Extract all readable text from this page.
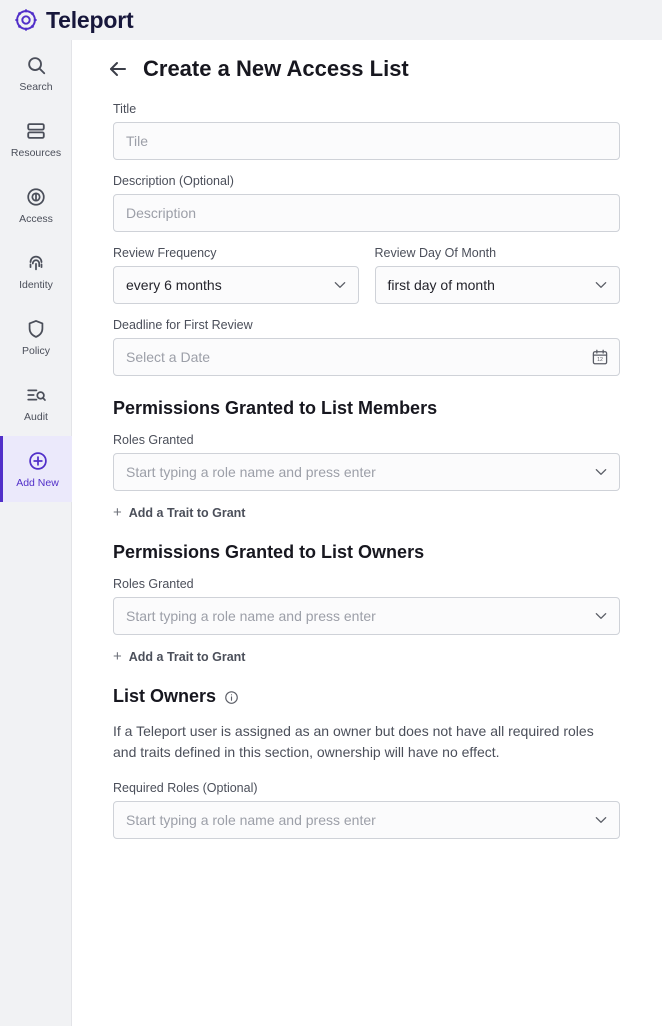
Teleport
Search
Resources
Access
Identity
Policy
Audit
Add New
Create a New Access List
Title
Tile
Description (Optional)
Description
Review Frequency
every 6 months
Review Day Of Month
first day of month
Deadline for First Review
Select a Date
12
Permissions Granted to List Members
Roles Granted
Start typing a role name and press enter
+ Add a Trait to Grant
Permissions Granted to List Owners
Roles Granted
Start typing a role name and press enter
+ Add a Trait to Grant
List Owners

If a Teleport user is assigned as an owner but does not have all required roles and traits defined in this section, ownership will have no effect.

Required Roles (Optional)
Start typing a role name and press enter
